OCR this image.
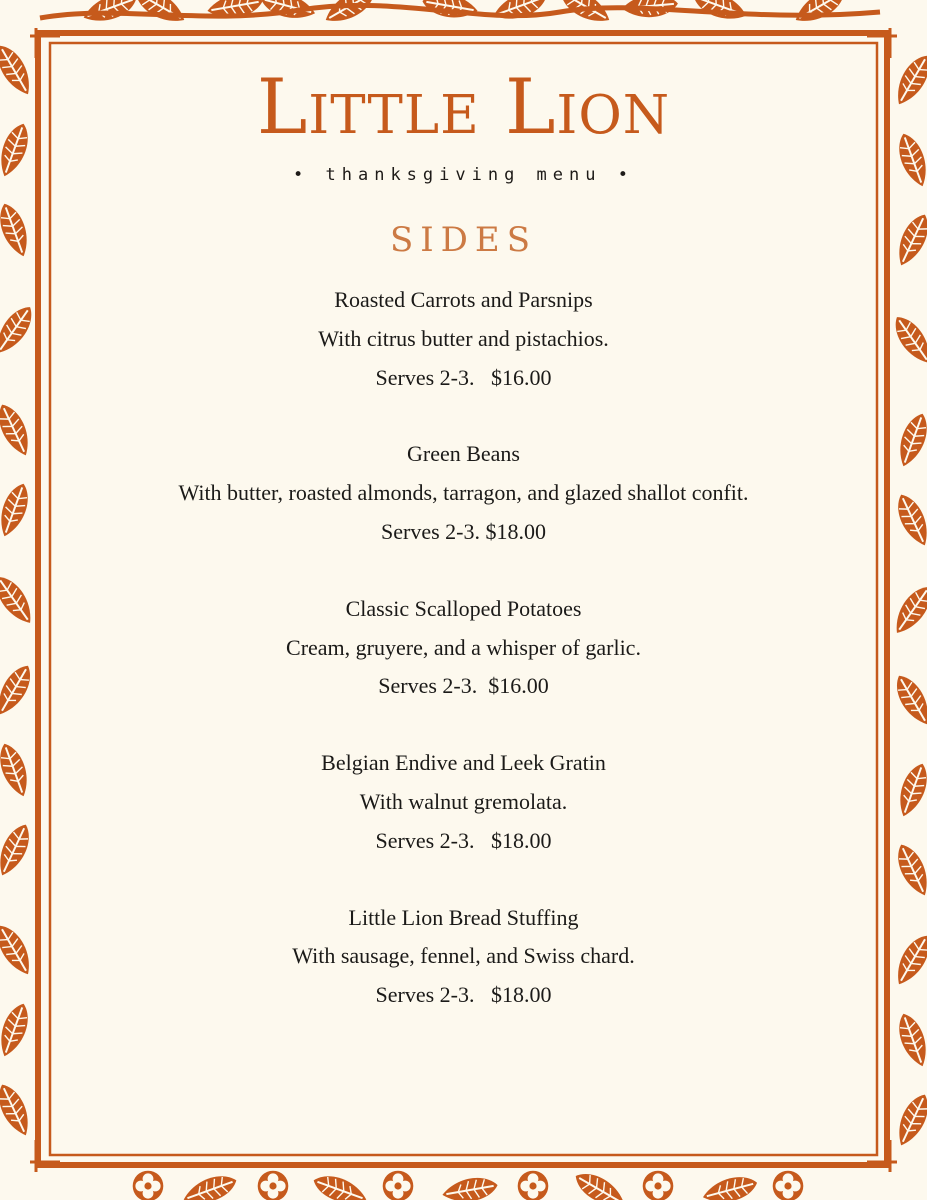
Little Lion
• thanksgiving menu •
SIDES
Roasted Carrots and Parsnips
With citrus butter and pistachios.
Serves 2-3.   $16.00
Green Beans
With butter, roasted almonds, tarragon, and glazed shallot confit.
Serves 2-3. $18.00
Classic Scalloped Potatoes
Cream, gruyere, and a whisper of garlic.
Serves 2-3.  $16.00
Belgian Endive and Leek Gratin
With walnut gremolata.
Serves 2-3.   $18.00
Little Lion Bread Stuffing
With sausage, fennel, and Swiss chard.
Serves 2-3.   $18.00
